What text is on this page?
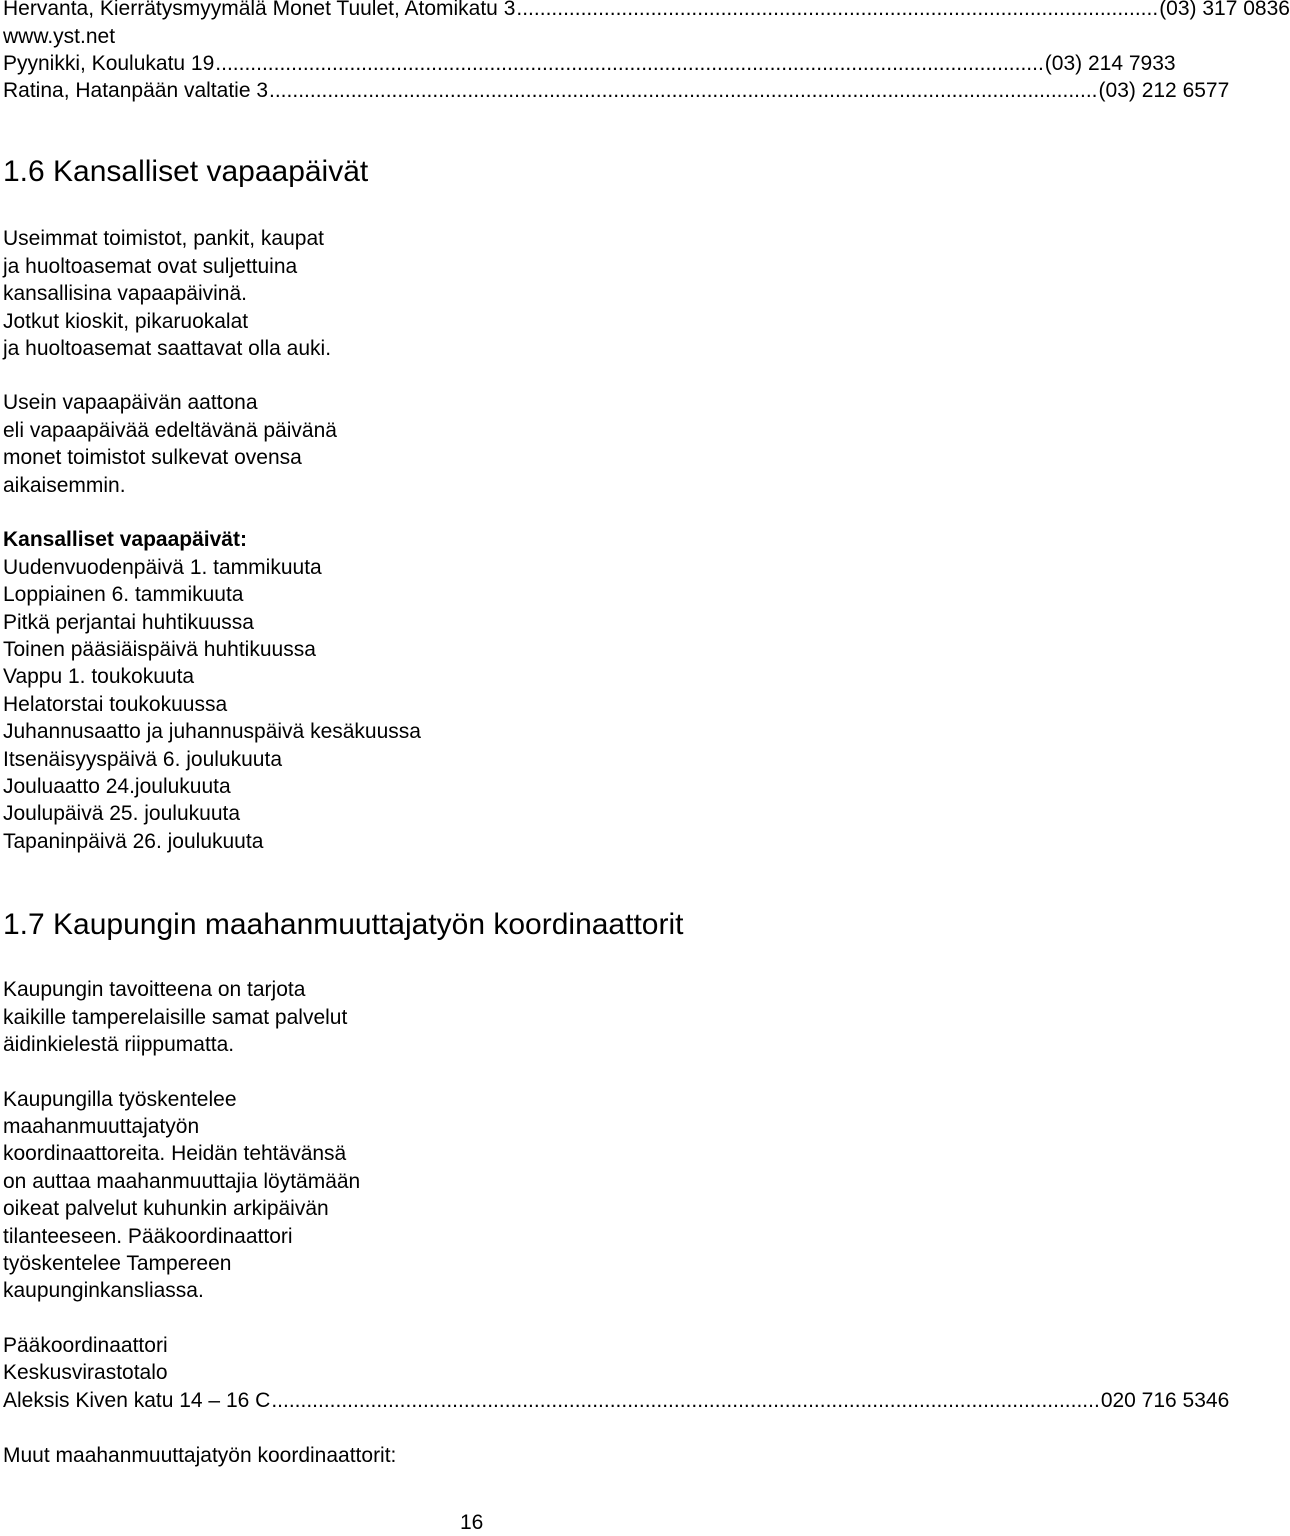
Hervanta, Kierrätysmyymälä Monet Tuulet, Atomikatu 3 .............................................................................................................. (03) 317 0836
www.yst.net
Pyynikki, Koulukatu 19 .............................................................................................................................................. (03) 214 7933
Ratina, Hatanpään valtatie 3 .............................................................................................................................................. (03) 212 6577
1.6 Kansalliset vapaapäivät
Useimmat toimistot, pankit, kaupat
ja huoltoasemat ovat suljettuina
kansallisina vapaapäivinä.
Jotkut kioskit, pikaruokalat
ja huoltoasemat saattavat olla auki.
Usein vapaapäivän aattona
eli vapaapäivää edeltävänä päivänä
monet toimistot sulkevat ovensa
aikaisemmin.
Kansalliset vapaapäivät:
Uudenvuodenpäivä 1. tammikuuta
Loppiainen 6. tammikuuta
Pitkä perjantai huhtikuussa
Toinen pääsiäispäivä huhtikuussa
Vappu 1. toukokuuta
Helatorstai toukokuussa
Juhannusaatto ja juhannuspäivä kesäkuussa
Itsenäisyyspäivä 6. joulukuuta
Jouluaatto 24.joulukuuta
Joulupäivä 25. joulukuuta
Tapaninpäivä 26. joulukuuta
1.7 Kaupungin maahanmuuttajatyön koordinaattorit
Kaupungin tavoitteena on tarjota
kaikille tamperelaisille samat palvelut
äidinkielestä riippumatta.
Kaupungilla työskentelee
maahanmuuttajatyön
koordinaattoreita. Heidän tehtävänsä
on auttaa maahanmuuttajia löytämään
oikeat palvelut kuhunkin arkipäivän
tilanteeseen. Pääkoordinaattori
työskentelee Tampereen
kaupunginkansliassa.
Pääkoordinaattori
Keskusvirastotalo
Aleksis Kiven katu 14 – 16 C .............................................................................................................................................. 020 716 5346
Muut maahanmuuttajatyön koordinaattorit:
16
